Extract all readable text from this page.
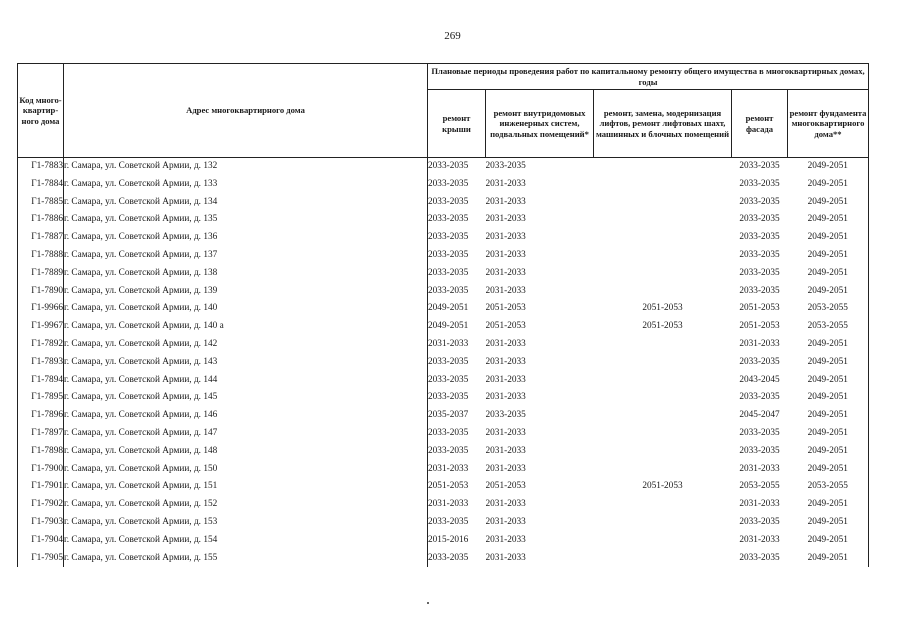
269
Код много-квартир-ного дома	Адрес многоквартирного дома	Плановые периоды проведения работ по капитальному ремонту общего имущества в многоквартирных домах, годы				
		ремонт крыши	ремонт внутридомовых инженерных систем, подвальных помещений*	ремонт, замена, модернизация лифтов, ремонт лифтовых шахт, машинных и блочных помещений	ремонт фасада	ремонт фундамента многоквартирного дома**
Г1-7883	г. Самара, ул. Советской Армии, д. 132	2033-2035	2033-2035		2033-2035	2049-2051
Г1-7884	г. Самара, ул. Советской Армии, д. 133	2033-2035	2031-2033		2033-2035	2049-2051
Г1-7885	г. Самара, ул. Советской Армии, д. 134	2033-2035	2031-2033		2033-2035	2049-2051
Г1-7886	г. Самара, ул. Советской Армии, д. 135	2033-2035	2031-2033		2033-2035	2049-2051
Г1-7887	г. Самара, ул. Советской Армии, д. 136	2033-2035	2031-2033		2033-2035	2049-2051
Г1-7888	г. Самара, ул. Советской Армии, д. 137	2033-2035	2031-2033		2033-2035	2049-2051
Г1-7889	г. Самара, ул. Советской Армии, д. 138	2033-2035	2031-2033		2033-2035	2049-2051
Г1-7890	г. Самара, ул. Советской Армии, д. 139	2033-2035	2031-2033		2033-2035	2049-2051
Г1-9966	г. Самара, ул. Советской Армии, д. 140	2049-2051	2051-2053	2051-2053	2051-2053	2053-2055
Г1-9967	г. Самара, ул. Советской Армии, д. 140 а	2049-2051	2051-2053	2051-2053	2051-2053	2053-2055
Г1-7892	г. Самара, ул. Советской Армии, д. 142	2031-2033	2031-2033		2031-2033	2049-2051
Г1-7893	г. Самара, ул. Советской Армии, д. 143	2033-2035	2031-2033		2033-2035	2049-2051
Г1-7894	г. Самара, ул. Советской Армии, д. 144	2033-2035	2031-2033		2043-2045	2049-2051
Г1-7895	г. Самара, ул. Советской Армии, д. 145	2033-2035	2031-2033		2033-2035	2049-2051
Г1-7896	г. Самара, ул. Советской Армии, д. 146	2035-2037	2033-2035		2045-2047	2049-2051
Г1-7897	г. Самара, ул. Советской Армии, д. 147	2033-2035	2031-2033		2033-2035	2049-2051
Г1-7898	г. Самара, ул. Советской Армии, д. 148	2033-2035	2031-2033		2033-2035	2049-2051
Г1-7900	г. Самара, ул. Советской Армии, д. 150	2031-2033	2031-2033		2031-2033	2049-2051
Г1-7901	г. Самара, ул. Советской Армии, д. 151	2051-2053	2051-2053	2051-2053	2053-2055	2053-2055
Г1-7902	г. Самара, ул. Советской Армии, д. 152	2031-2033	2031-2033		2031-2033	2049-2051
Г1-7903	г. Самара, ул. Советской Армии, д. 153	2033-2035	2031-2033		2033-2035	2049-2051
Г1-7904	г. Самара, ул. Советской Армии, д. 154	2015-2016	2031-2033		2031-2033	2049-2051
Г1-7905	г. Самара, ул. Советской Армии, д. 155	2033-2035	2031-2033		2033-2035	2049-2051
